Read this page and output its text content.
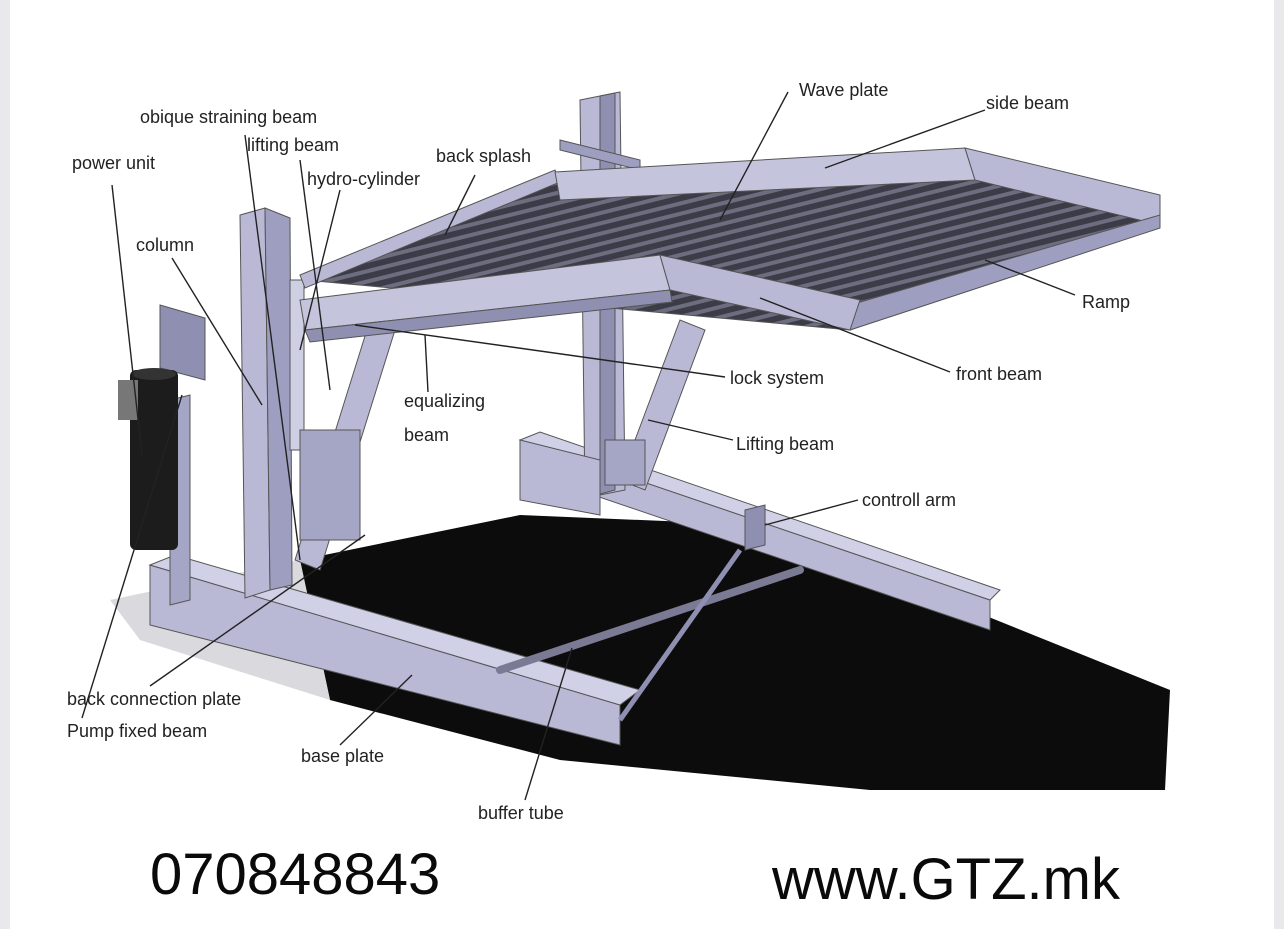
Wave plate
side beam
obique straining beam
lifting beam
back splash
power unit
hydro-cylinder
column
Ramp
lock system	front beam
equalizing
beam	Lifting beam
controll arm
back connection plate
Pump fixed beam
base plate
buffer tube
070848843	www.GTZ.mk
